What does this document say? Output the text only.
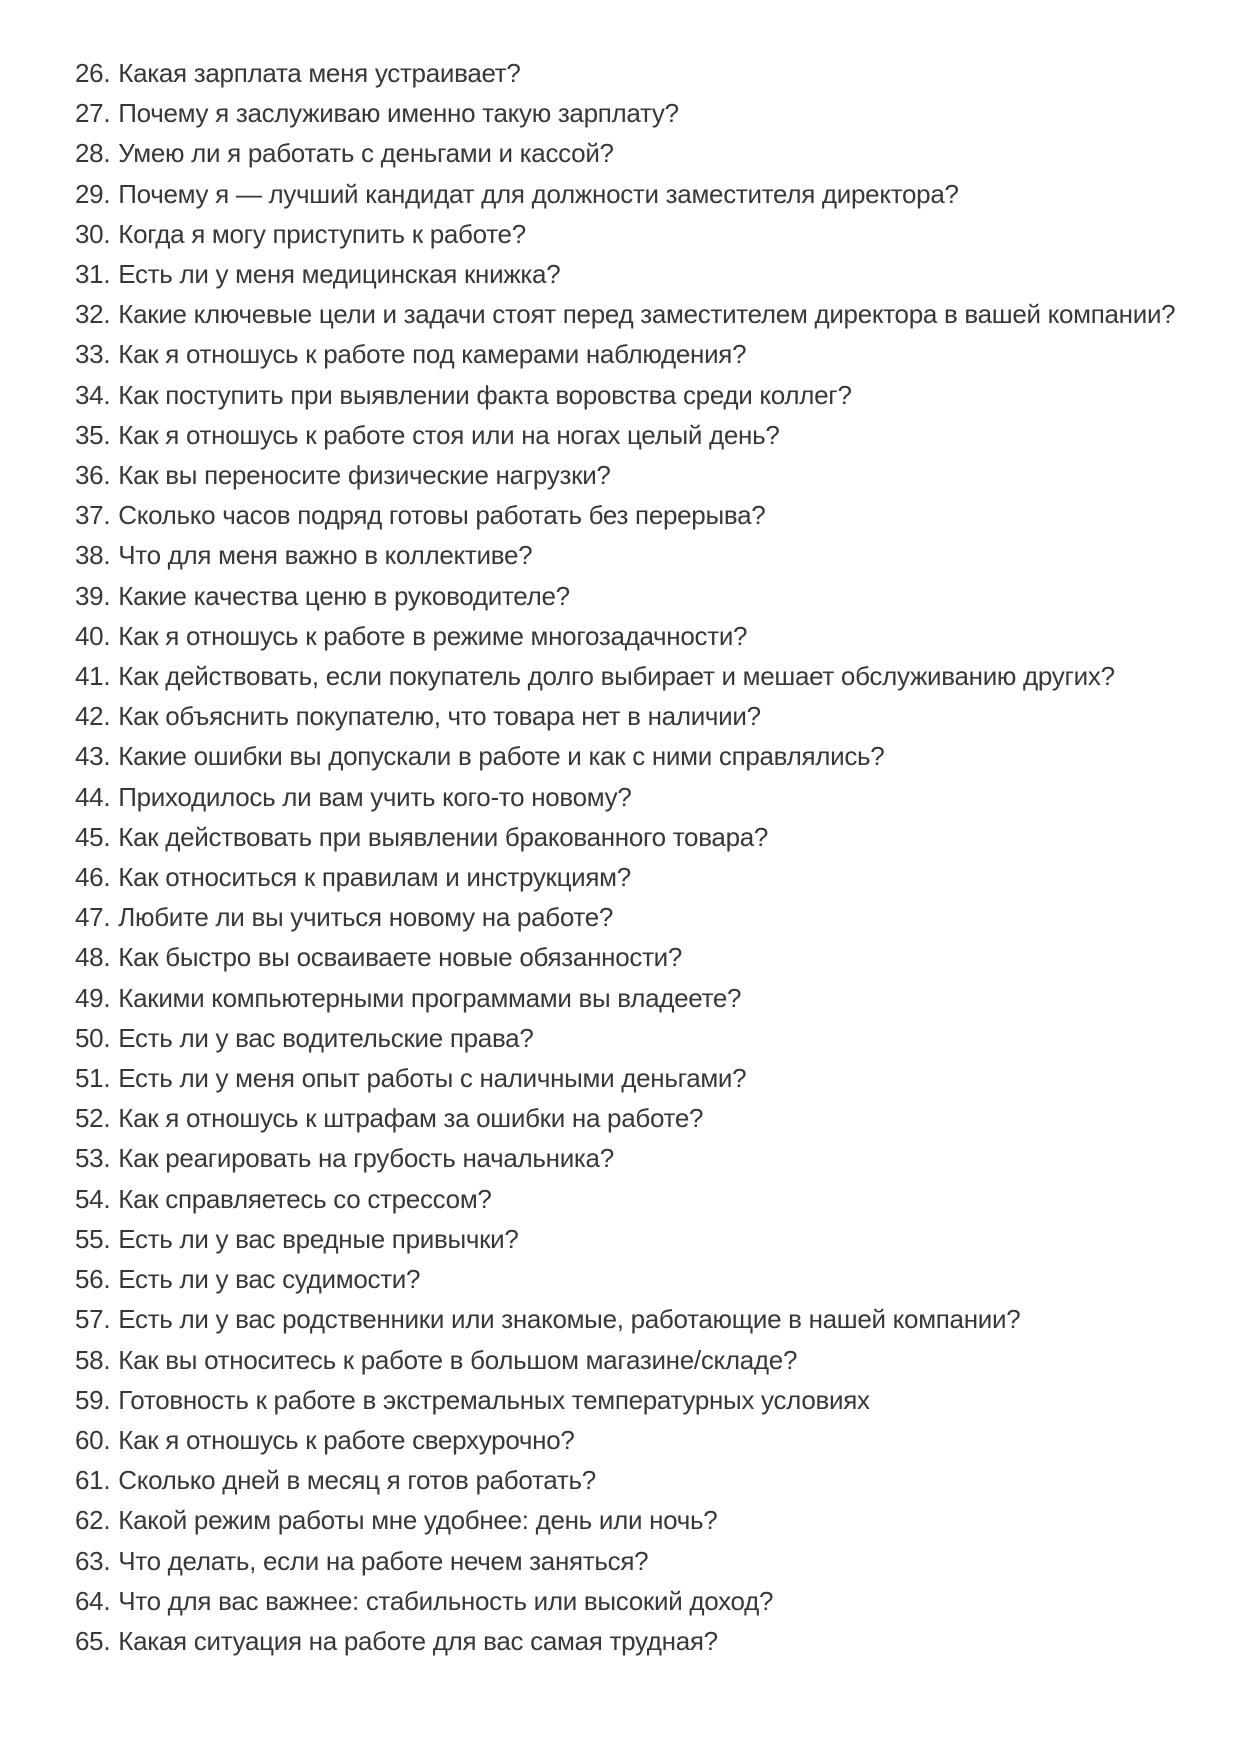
26. Какая зарплата меня устраивает?
27. Почему я заслуживаю именно такую зарплату?
28. Умею ли я работать с деньгами и кассой?
29. Почему я — лучший кандидат для должности заместителя директора?
30. Когда я могу приступить к работе?
31. Есть ли у меня медицинская книжка?
32. Какие ключевые цели и задачи стоят перед заместителем директора в вашей компании?
33. Как я отношусь к работе под камерами наблюдения?
34. Как поступить при выявлении факта воровства среди коллег?
35. Как я отношусь к работе стоя или на ногах целый день?
36. Как вы переносите физические нагрузки?
37. Сколько часов подряд готовы работать без перерыва?
38. Что для меня важно в коллективе?
39. Какие качества ценю в руководителе?
40. Как я отношусь к работе в режиме многозадачности?
41. Как действовать, если покупатель долго выбирает и мешает обслуживанию других?
42. Как объяснить покупателю, что товара нет в наличии?
43. Какие ошибки вы допускали в работе и как с ними справлялись?
44. Приходилось ли вам учить кого-то новому?
45. Как действовать при выявлении бракованного товара?
46. Как относиться к правилам и инструкциям?
47. Любите ли вы учиться новому на работе?
48. Как быстро вы осваиваете новые обязанности?
49. Какими компьютерными программами вы владеете?
50. Есть ли у вас водительские права?
51. Есть ли у меня опыт работы с наличными деньгами?
52. Как я отношусь к штрафам за ошибки на работе?
53. Как реагировать на грубость начальника?
54. Как справляетесь со стрессом?
55. Есть ли у вас вредные привычки?
56. Есть ли у вас судимости?
57. Есть ли у вас родственники или знакомые, работающие в нашей компании?
58. Как вы относитесь к работе в большом магазине/складе?
59. Готовность к работе в экстремальных температурных условиях
60. Как я отношусь к работе сверхурочно?
61. Сколько дней в месяц я готов работать?
62. Какой режим работы мне удобнее: день или ночь?
63. Что делать, если на работе нечем заняться?
64. Что для вас важнее: стабильность или высокий доход?
65. Какая ситуация на работе для вас самая трудная?
